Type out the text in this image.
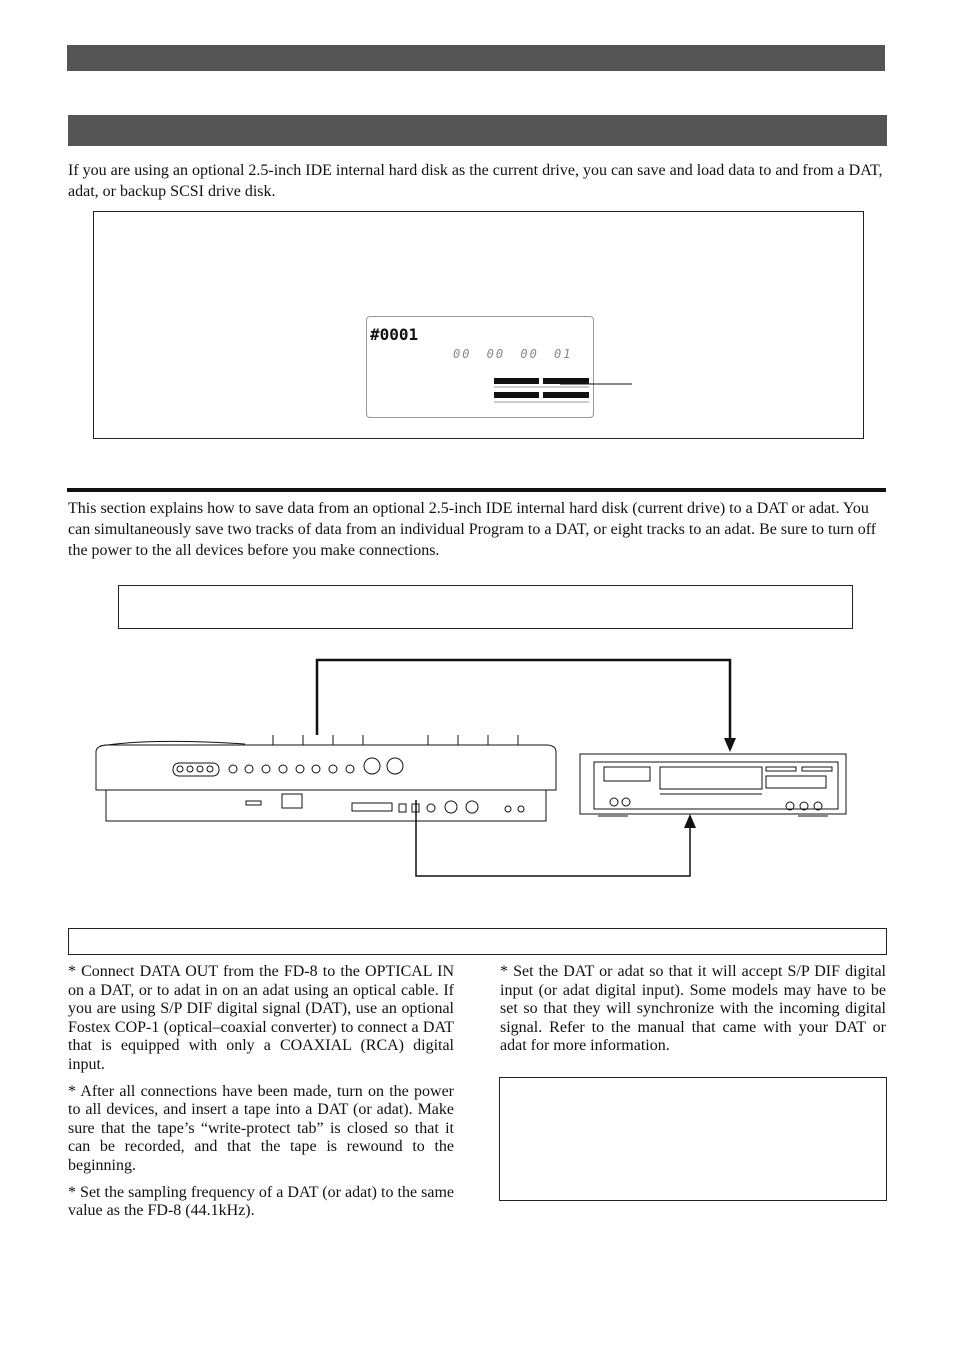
If you are using an optional 2.5-inch IDE internal hard disk as the current drive, you can save and load data to and from a DAT, adat, or backup SCSI drive disk.

#0001
00 00 00 01

This section explains how to save data from an optional 2.5-inch IDE internal hard disk (current drive) to a DAT or adat. You can simultaneously save two tracks of data from an individual Program to a DAT, or eight tracks to an adat. Be sure to turn off the power to the all devices before you make connections.

* Connect DATA OUT from the FD-8 to the OPTICAL IN on a DAT, or to adat in on an adat using an optical cable. If you are using S/P DIF digital signal (DAT), use an optional Fostex COP-1 (optical–coaxial converter) to connect a DAT that is equipped with only a COAXIAL (RCA) digital input.

* After all connections have been made, turn on the power to all devices, and insert a tape into a DAT (or adat). Make sure that the tape’s “write-protect tab” is closed so that it can be recorded, and that the tape is rewound to the beginning.

* Set the sampling frequency of a DAT (or adat) to the same value as the FD-8 (44.1kHz).

* Set the DAT or adat so that it will accept S/P DIF digital input (or adat digital input). Some models may have to be set so that they will synchronize with the incoming digital signal. Refer to the manual that came with your DAT or adat for more information.
